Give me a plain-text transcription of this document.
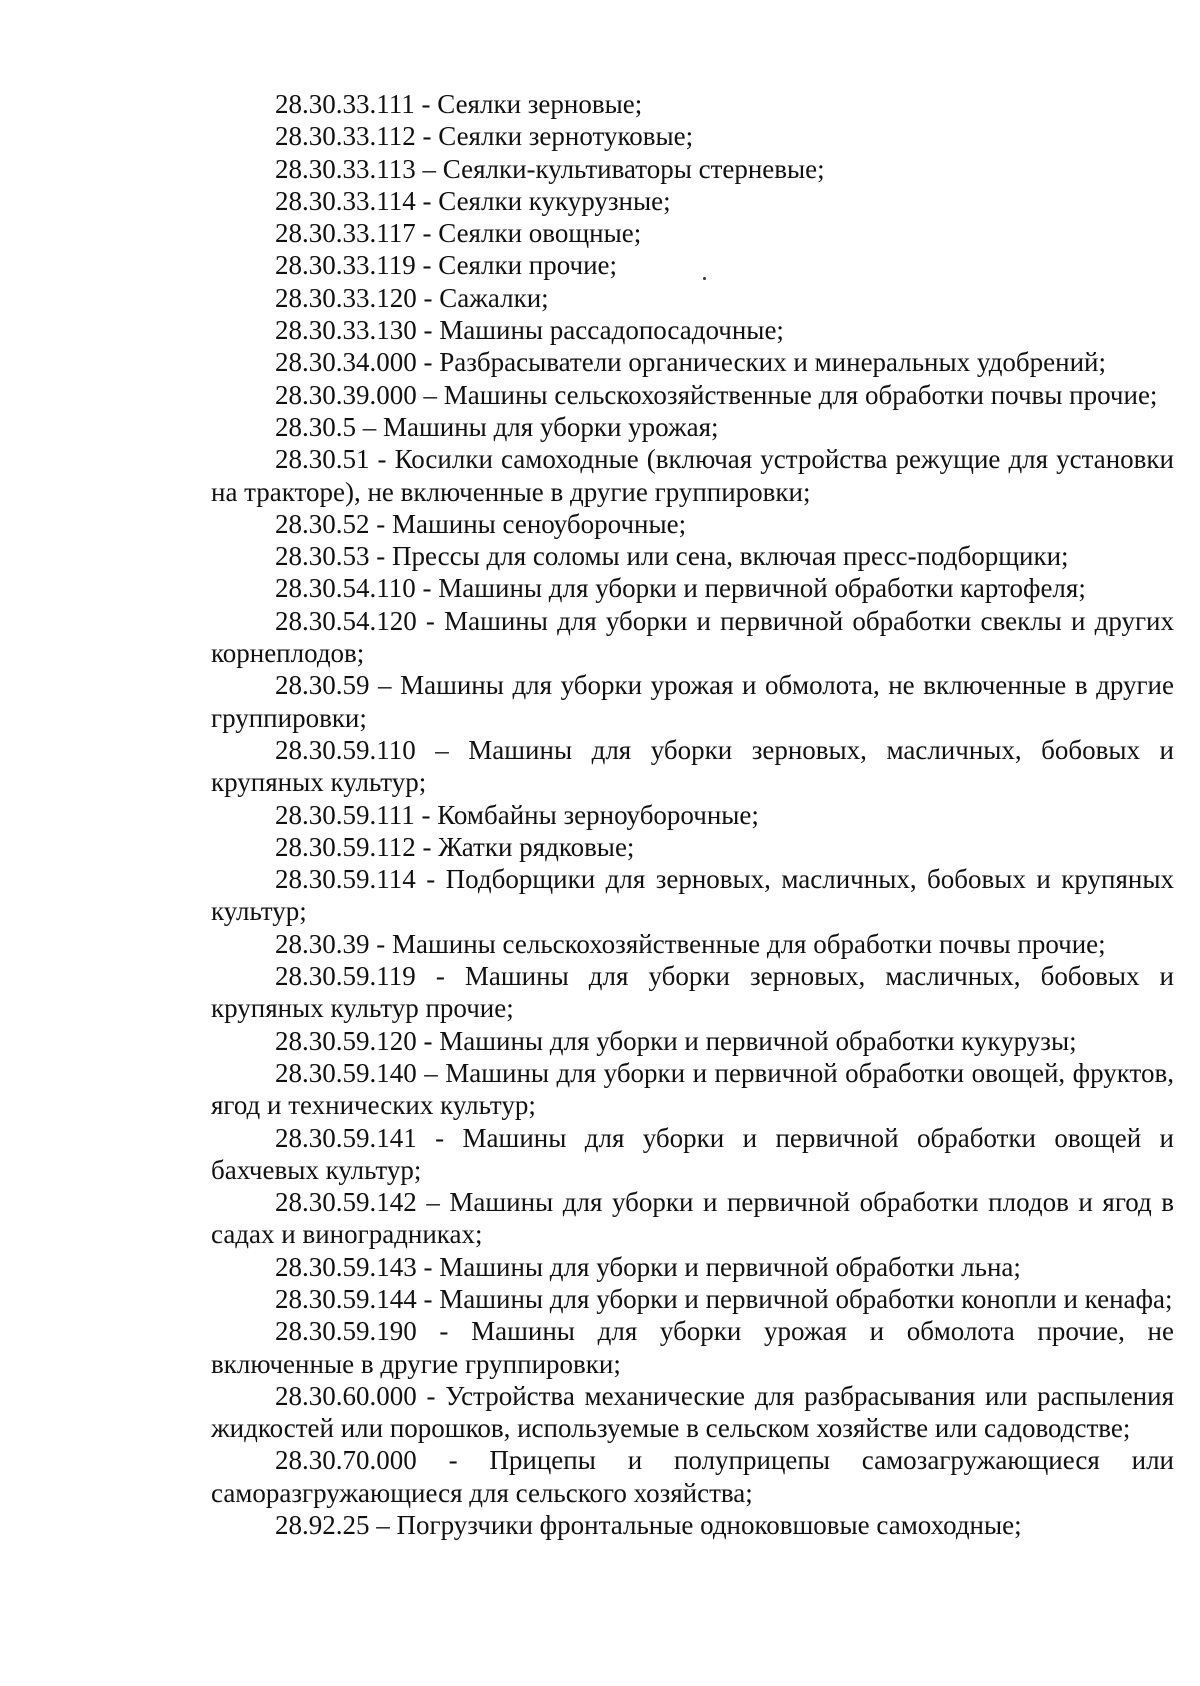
28.30.33.111 - Сеялки зерновые;

28.30.33.112 - Сеялки зернотуковые;

28.30.33.113 – Сеялки-культиваторы стерневые;

28.30.33.114 - Сеялки кукурузные;

28.30.33.117 - Сеялки овощные;

28.30.33.119 - Сеялки прочие;

28.30.33.120 - Сажалки;

28.30.33.130 - Машины рассадопосадочные;

28.30.34.000 - Разбрасыватели органических и минеральных удобрений;

28.30.39.000 – Машины сельскохозяйственные для обработки почвы прочие;

28.30.5 – Машины для уборки урожая;

28.30.51 - Косилки самоходные (включая устройства режущие для установки на тракторе), не включенные в другие группировки;

28.30.52 - Машины сеноуборочные;

28.30.53 - Прессы для соломы или сена, включая пресс-подборщики;

28.30.54.110 - Машины для уборки и первичной обработки картофеля;

28.30.54.120 - Машины для уборки и первичной обработки свеклы и других корнеплодов;

28.30.59 – Машины для уборки урожая и обмолота, не включенные в другие группировки;

28.30.59.110 – Машины для уборки зерновых, масличных, бобовых и крупяных культур;

28.30.59.111 - Комбайны зерноуборочные;

28.30.59.112 - Жатки рядковые;

28.30.59.114 - Подборщики для зерновых, масличных, бобовых и крупяных культур;

28.30.39 - Машины сельскохозяйственные для обработки почвы прочие;

28.30.59.119 - Машины для уборки зерновых, масличных, бобовых и крупяных культур прочие;

28.30.59.120 - Машины для уборки и первичной обработки кукурузы;

28.30.59.140 – Машины для уборки и первичной обработки овощей, фруктов, ягод и технических культур;

28.30.59.141 - Машины для уборки и первичной обработки овощей и бахчевых культур;

28.30.59.142 – Машины для уборки и первичной обработки плодов и ягод в садах и виноградниках;

28.30.59.143 - Машины для уборки и первичной обработки льна;

28.30.59.144 - Машины для уборки и первичной обработки конопли и кенафа;

28.30.59.190 - Машины для уборки урожая и обмолота прочие, не включенные в другие группировки;

28.30.60.000 - Устройства механические для разбрасывания или распыления жидкостей или порошков, используемые в сельском хозяйстве или садоводстве;

28.30.70.000 - Прицепы и полуприцепы самозагружающиеся или саморазгружающиеся для сельского хозяйства;

28.92.25 – Погрузчики фронтальные одноковшовые самоходные;
